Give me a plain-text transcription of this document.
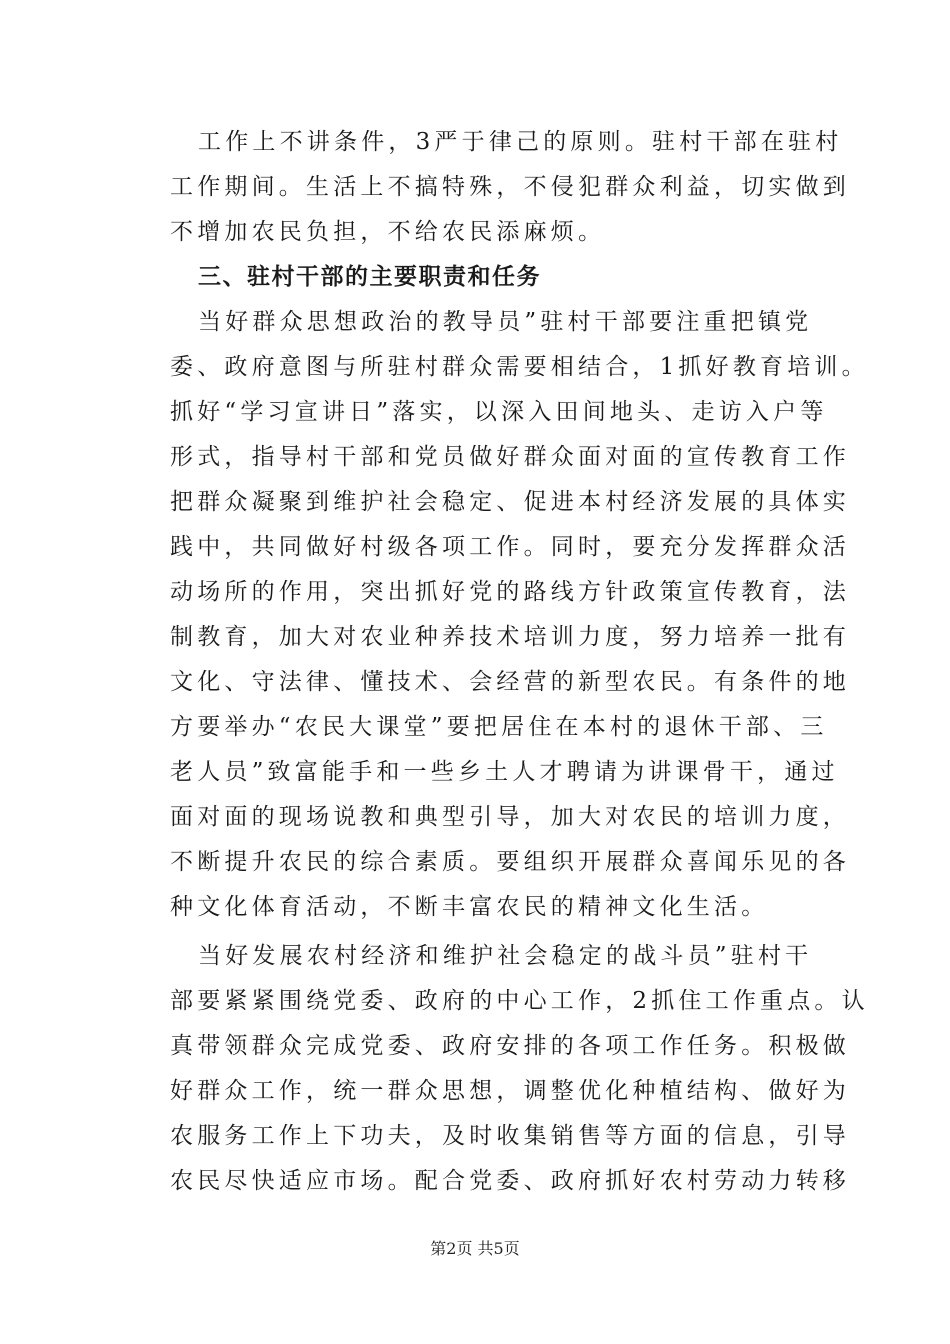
工作上不讲条件，3严于律己的原则。驻村干部在驻村
工作期间。生活上不搞特殊，不侵犯群众利益，切实做到
不增加农民负担，不给农民添麻烦。
三、驻村干部的主要职责和任务
当好群众思想政治的教导员”驻村干部要注重把镇党
委、政府意图与所驻村群众需要相结合，1抓好教育培训。
抓好“学习宣讲日”落实，以深入田间地头、走访入户等
形式，指导村干部和党员做好群众面对面的宣传教育工作
把群众凝聚到维护社会稳定、促进本村经济发展的具体实
践中，共同做好村级各项工作。同时，要充分发挥群众活
动场所的作用，突出抓好党的路线方针政策宣传教育，法
制教育，加大对农业种养技术培训力度，努力培养一批有
文化、守法律、懂技术、会经营的新型农民。有条件的地
方要举办“农民大课堂”要把居住在本村的退休干部、三
老人员”致富能手和一些乡土人才聘请为讲课骨干，通过
面对面的现场说教和典型引导，加大对农民的培训力度，
不断提升农民的综合素质。要组织开展群众喜闻乐见的各
种文化体育活动，不断丰富农民的精神文化生活。
当好发展农村经济和维护社会稳定的战斗员”驻村干
部要紧紧围绕党委、政府的中心工作，2抓住工作重点。认
真带领群众完成党委、政府安排的各项工作任务。积极做
好群众工作，统一群众思想，调整优化种植结构、做好为
农服务工作上下功夫，及时收集销售等方面的信息，引导
农民尽快适应市场。配合党委、政府抓好农村劳动力转移
第2页 共5页
